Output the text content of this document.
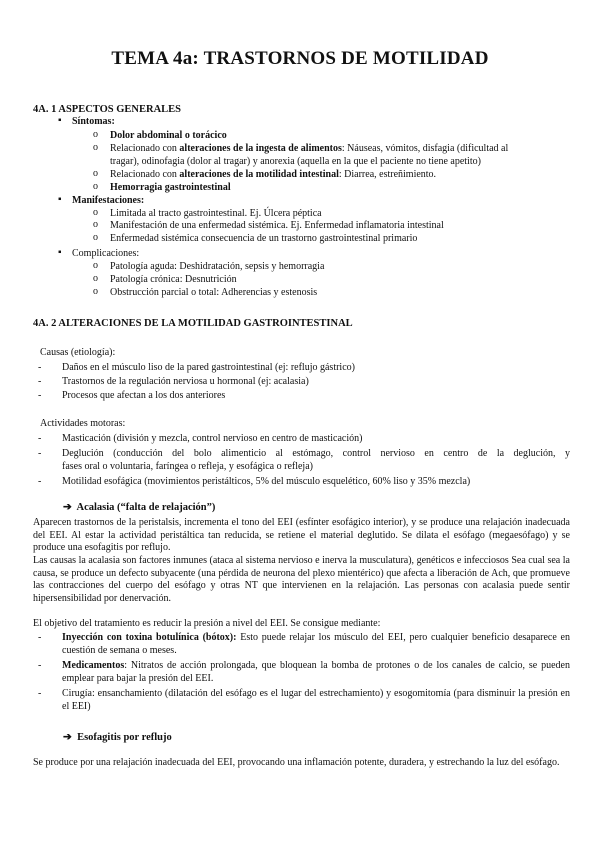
TEMA 4a: TRASTORNOS DE MOTILIDAD
4A. 1 ASPECTOS GENERALES
▪ Síntomas:
o Dolor abdominal o torácico
o Relacionado con alteraciones de la ingesta de alimentos: Náuseas, vómitos, disfagia (dificultad al
tragar), odinofagia (dolor al tragar) y anorexia (aquella en la que el paciente no tiene apetito)
o Relacionado con alteraciones de la motilidad intestinal: Diarrea, estreñimiento.
o Hemorragia gastrointestinal
▪ Manifestaciones:
o Limitada al tracto gastrointestinal. Ej. Úlcera péptica
o Manifestación de una enfermedad sistémica. Ej. Enfermedad inflamatoria intestinal
o Enfermedad sistémica consecuencia de un trastorno gastrointestinal primario
▪ Complicaciones:
o Patología aguda: Deshidratación, sepsis y hemorragia
o Patología crónica: Desnutrición
o Obstrucción parcial o total: Adherencias y estenosis
4A. 2 ALTERACIONES DE LA MOTILIDAD GASTROINTESTINAL
Causas (etiología):
- Daños en el músculo liso de la pared gastrointestinal (ej: reflujo gástrico)
- Trastornos de la regulación nerviosa u hormonal (ej: acalasia)
- Procesos que afectan a los dos anteriores
Actividades motoras:
- Masticación (división y mezcla, control nervioso en centro de masticación)
- Deglución (conducción del bolo alimenticio al estómago, control nervioso en centro de la deglución, y
fases oral o voluntaria, faríngea o refleja, y esofágica o refleja)
- Motilidad esofágica (movimientos peristálticos, 5% del músculo esquelético, 60% liso y 35% mezcla)
➔ Acalasia (“falta de relajación”)
Aparecen trastornos de la peristalsis, incrementa el tono del EEI (esfínter esofágico interior), y se produce una relajación inadecuada del EEI. Al estar la actividad peristáltica tan reducida, se retiene el material deglutido. Se dilata el esófago (megaesófago) y se produce una esofagitis por reflujo.
Las causas la acalasia son factores inmunes (ataca al sistema nervioso e inerva la musculatura), genéticos e infecciosos Sea cual sea la causa, se produce un defecto subyacente (una pérdida de neurona del plexo mientérico) que afecta a liberación de Ach, que promueve las contracciones del cuerpo del esófago y otras NT que intervienen en la relajación. Las personas con acalasia puede sentir hipersensibilidad por denervación.
El objetivo del tratamiento es reducir la presión a nivel del EEI. Se consigue mediante:
- Inyección con toxina botulínica (bótox): Esto puede relajar los músculo del EEI, pero cualquier beneficio desaparece en cuestión de semana o meses.
- Medicamentos: Nitratos de acción prolongada, que bloquean la bomba de protones o de los canales de calcio, se pueden emplear para bajar la presión del EEI.
- Cirugía: ensanchamiento (dilatación del esófago es el lugar del estrechamiento) y esogomitomía (para disminuir la presión en el EEI)
➔ Esofagitis por reflujo
Se produce por una relajación inadecuada del EEI, provocando una inflamación potente, duradera, y estrechando la luz del esófago.
